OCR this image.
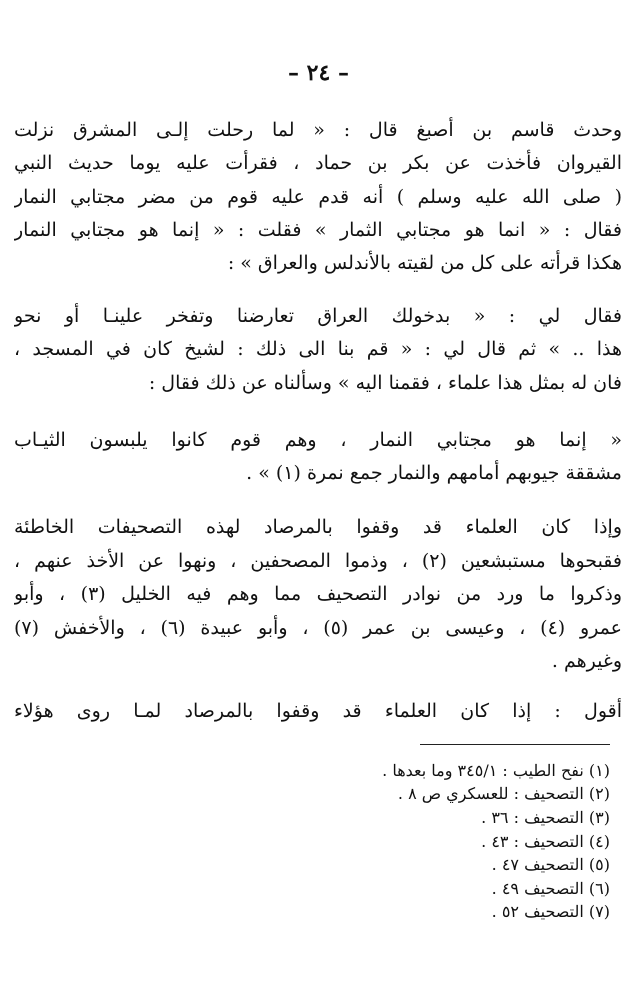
– ٢٤ –
وحدث قاسم بن أصبغ قال : « لما رحلت إلـى المشرق نزلت
القيروان فأخذت عن بكر بن حماد ، فقرأت عليه يوما حديث النبي
( صلى الله عليه وسلم ) أنه قدم عليه قوم من مضر مجتابي النمار
فقال : « انما هو مجتابي الثمار » فقلت : « إنما هو مجتابي النمار
هكذا قرأته على كل من لقيته بالأندلس والعراق » :
فقال لي : « بدخولك العراق تعارضنا وتفخر علينـا أو نحو
هذا .. » ثم قال لي : « قم بنا الى ذلك : لشيخ كان في المسجد ،
فان له بمثل هذا علماء ، فقمنا اليه » وسألناه عن ذلك فقال :
« إنما هو مجتابي النمار ، وهم قوم كانوا يلبسون الثيـاب
مشققة جيوبهم أمامهم والنمار جمع نمرة (١) » .
وإذا كان العلماء قد وقفوا بالمرصاد لهذه التصحيفات الخاطئة
فقبحوها مستبشعين (٢) ، وذموا المصحفين ، ونهوا عن الأخذ عنهم ،
وذكروا ما ورد من نوادر التصحيف مما وهم فيه الخليل (٣) ، وأبو
عمرو (٤) ، وعيسى بن عمر (٥) ، وأبو عبيدة (٦) ، والأخفش (٧)
وغيرهم .
أقول : إذا كان العلماء قد وقفوا بالمرصاد لمـا روى هؤلاء
(١) نفح الطيب : ٣٤٥/١ وما بعدها .
(٢) التصحيف : للعسكري ص ٨ .
(٣) التصحيف : ٣٦ .
(٤) التصحيف : ٤٣ .
(٥) التصحيف ٤٧ .
(٦) التصحيف ٤٩ .
(٧) التصحيف ٥٢ .
